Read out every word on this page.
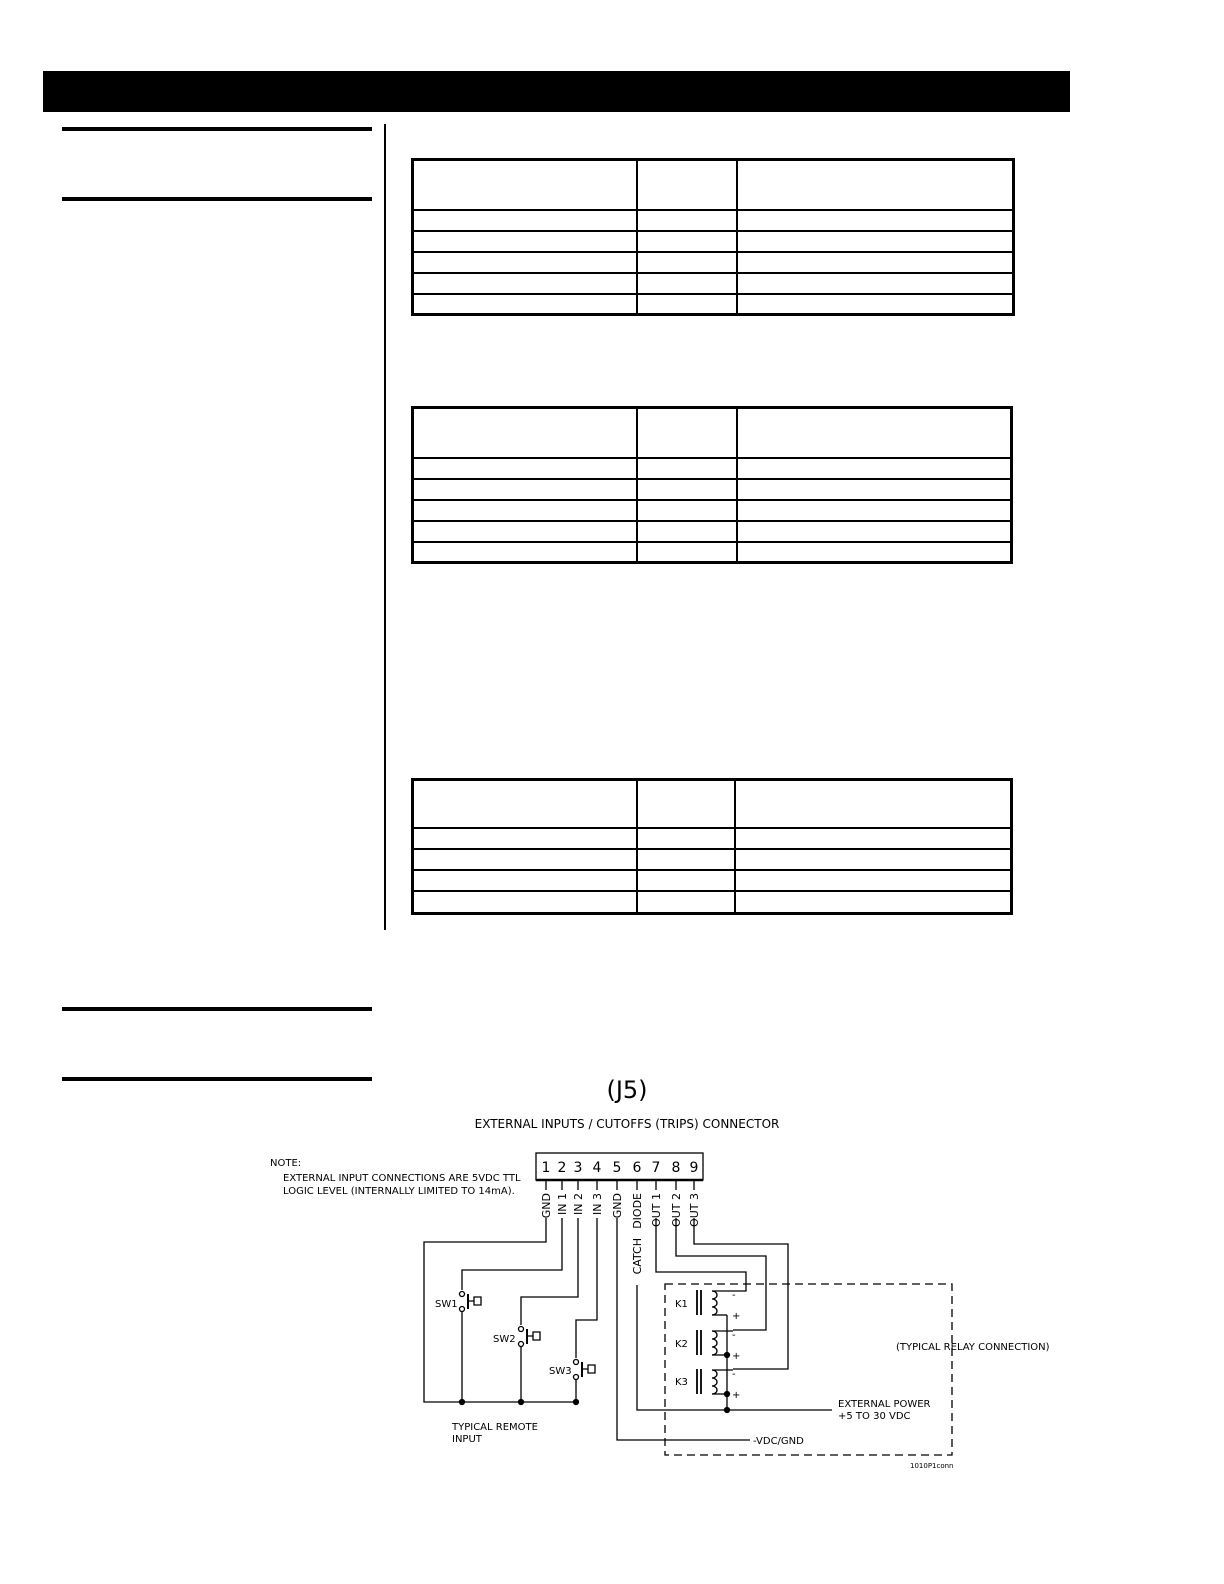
(J5)
EXTERNAL INPUTS / CUTOFFS (TRIPS) CONNECTOR
NOTE:
EXTERNAL INPUT CONNECTIONS ARE 5VDC TTL
LOGIC LEVEL (INTERNALLY LIMITED TO 14mA).
1 2 3 4 5 6 7 8 9
GND IN 1 IN 2 IN 3 GND DIODE
CATCH
OUT 1 OUT 2 OUT 3
SW1
SW2
SW3
TYPICAL REMOTE
INPUT	-VDC/GND
EXTERNAL POWER
+5 TO 30 VDC
K1
K2
K3
-
+
-
+
-
+
(TYPICAL RELAY CONNECTION)
1010P1conn
